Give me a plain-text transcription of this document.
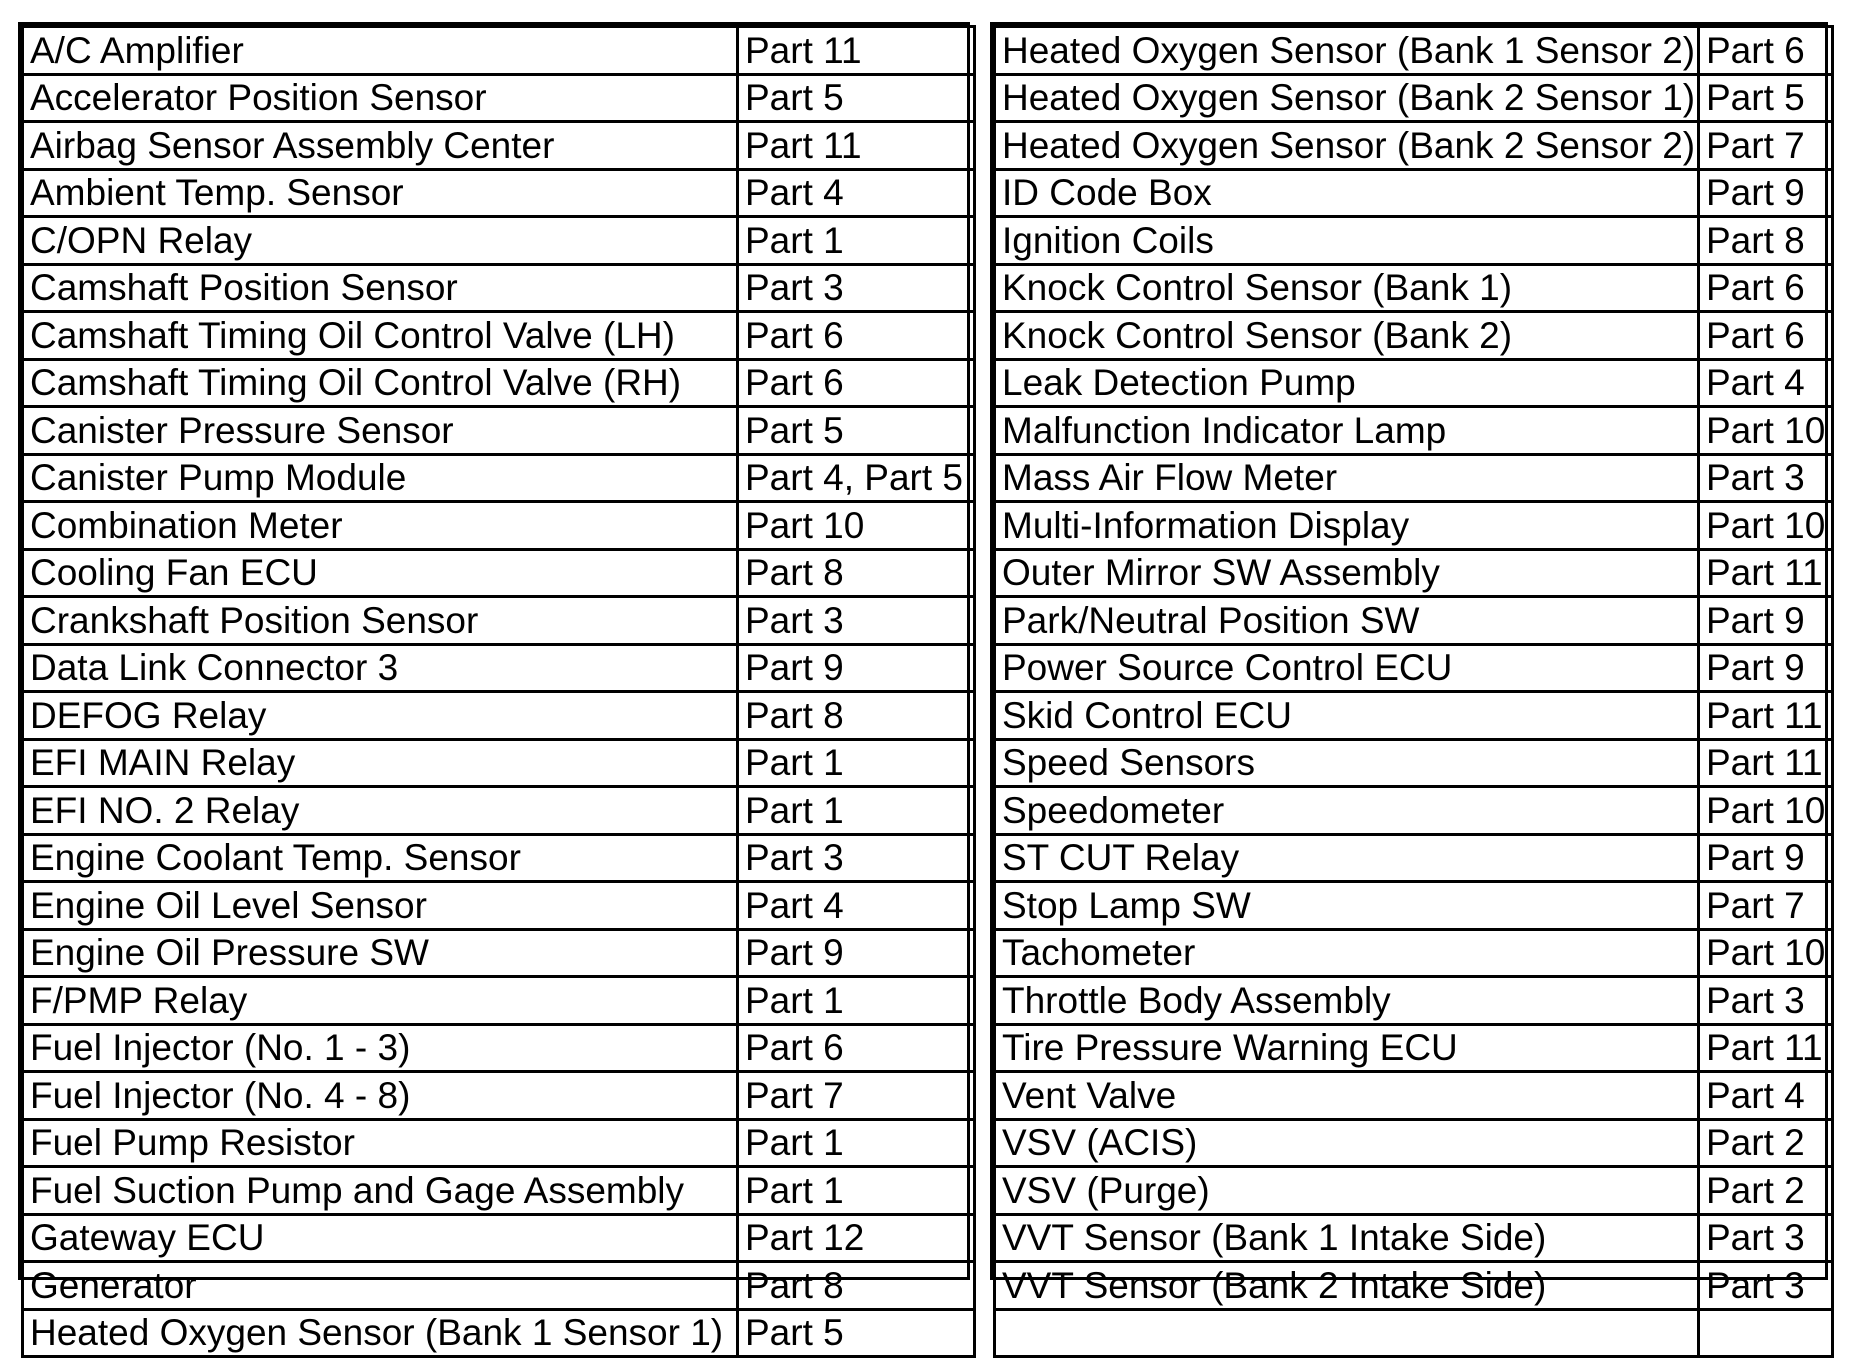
A/C Amplifier	Part 11
Accelerator Position Sensor	Part 5
Airbag Sensor Assembly Center	Part 11
Ambient Temp. Sensor	Part 4
C/OPN Relay	Part 1
Camshaft Position Sensor	Part 3
Camshaft Timing Oil Control Valve (LH)	Part 6
Camshaft Timing Oil Control Valve (RH)	Part 6
Canister Pressure Sensor	Part 5
Canister Pump Module	Part 4, Part 5
Combination Meter	Part 10
Cooling Fan ECU	Part 8
Crankshaft Position Sensor	Part 3
Data Link Connector 3	Part 9
DEFOG Relay	Part 8
EFI MAIN Relay	Part 1
EFI NO. 2 Relay	Part 1
Engine Coolant Temp. Sensor	Part 3
Engine Oil Level Sensor	Part 4
Engine Oil Pressure SW	Part 9
F/PMP Relay	Part 1
Fuel Injector (No. 1 - 3)	Part 6
Fuel Injector (No. 4 - 8)	Part 7
Fuel Pump Resistor	Part 1
Fuel Suction Pump and Gage Assembly	Part 1
Gateway ECU	Part 12
Generator	Part 8
Heated Oxygen Sensor (Bank 1 Sensor 1)	Part 5
Heated Oxygen Sensor (Bank 1 Sensor 2)	Part 6
Heated Oxygen Sensor (Bank 2 Sensor 1)	Part 5
Heated Oxygen Sensor (Bank 2 Sensor 2)	Part 7
ID Code Box	Part 9
Ignition Coils	Part 8
Knock Control Sensor (Bank 1)	Part 6
Knock Control Sensor (Bank 2)	Part 6
Leak Detection Pump	Part 4
Malfunction Indicator Lamp	Part 10
Mass Air Flow Meter	Part 3
Multi-Information Display	Part 10
Outer Mirror SW Assembly	Part 11
Park/Neutral Position SW	Part 9
Power Source Control ECU	Part 9
Skid Control ECU	Part 11
Speed Sensors	Part 11
Speedometer	Part 10
ST CUT Relay	Part 9
Stop Lamp SW	Part 7
Tachometer	Part 10
Throttle Body Assembly	Part 3
Tire Pressure Warning ECU	Part 11
Vent Valve	Part 4
VSV (ACIS)	Part 2
VSV (Purge)	Part 2
VVT Sensor (Bank 1 Intake Side)	Part 3
VVT Sensor (Bank 2 Intake Side)	Part 3
